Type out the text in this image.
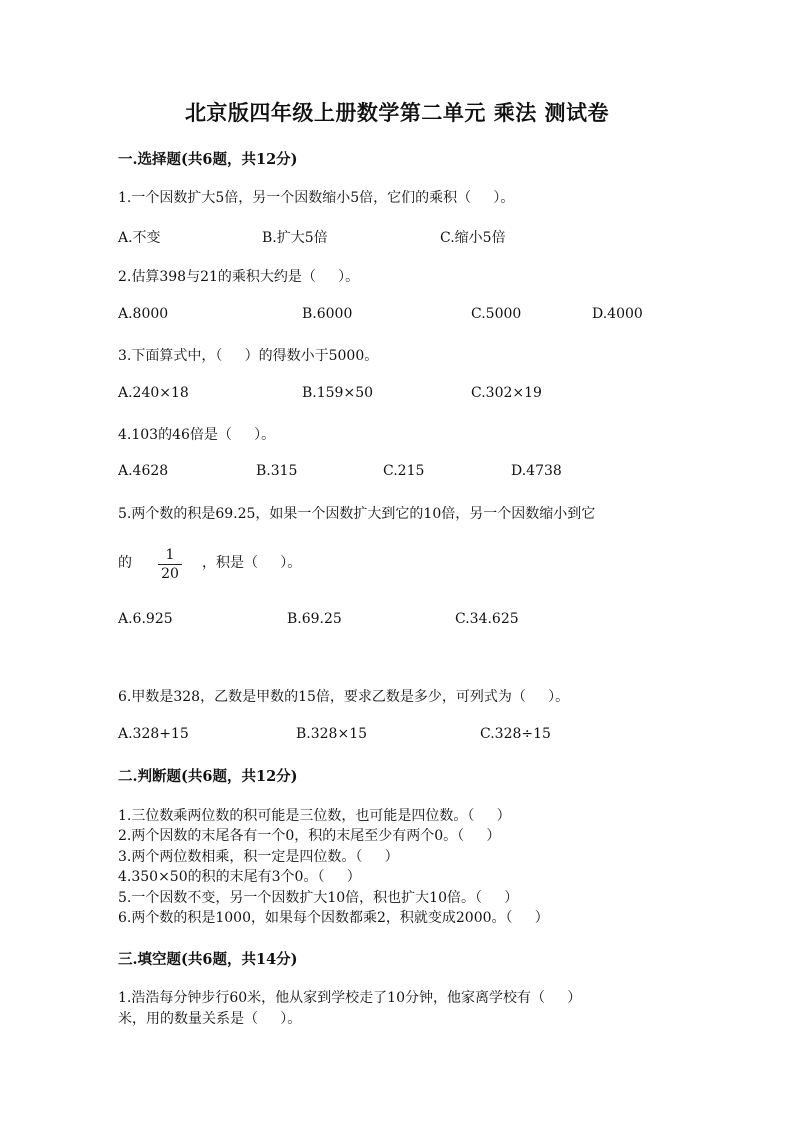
北京版四年级上册数学第二单元 乘法 测试卷
一.选择题(共6题，共12分)
1.一个因数扩大5倍，另一个因数缩小5倍，它们的乘积（     ）。
A.不变	B.扩大5倍	C.缩小5倍
2.估算398与21的乘积大约是（     ）。
A.8000	B.6000	C.5000	D.4000
3.下面算式中，（     ）的得数小于5000。
A.240×18	B.159×50	C.302×19
4.103的46倍是（     ）。
A.4628	B.315	C.215	D.4738
5.两个数的积是69.25，如果一个因数扩大到它的10倍，另一个因数缩小到它
的	1
20
，积是（     ）。
A.6.925	B.69.25	C.34.625
6.甲数是328，乙数是甲数的15倍，要求乙数是多少，可列式为（     ）。
A.328+15	B.328×15	C.328÷15
二.判断题(共6题，共12分)
1.三位数乘两位数的积可能是三位数，也可能是四位数。（     ）
2.两个因数的末尾各有一个0，积的末尾至少有两个0。（     ）
3.两个两位数相乘，积一定是四位数。（     ）
4.350×50的积的末尾有3个0。（     ）
5.一个因数不变，另一个因数扩大10倍，积也扩大10倍。（     ）
6.两个数的积是1000，如果每个因数都乘2，积就变成2000。（     ）
三.填空题(共6题，共14分)
1.浩浩每分钟步行60米，他从家到学校走了10分钟，他家离学校有（     ）
米，用的数量关系是（     ）。
